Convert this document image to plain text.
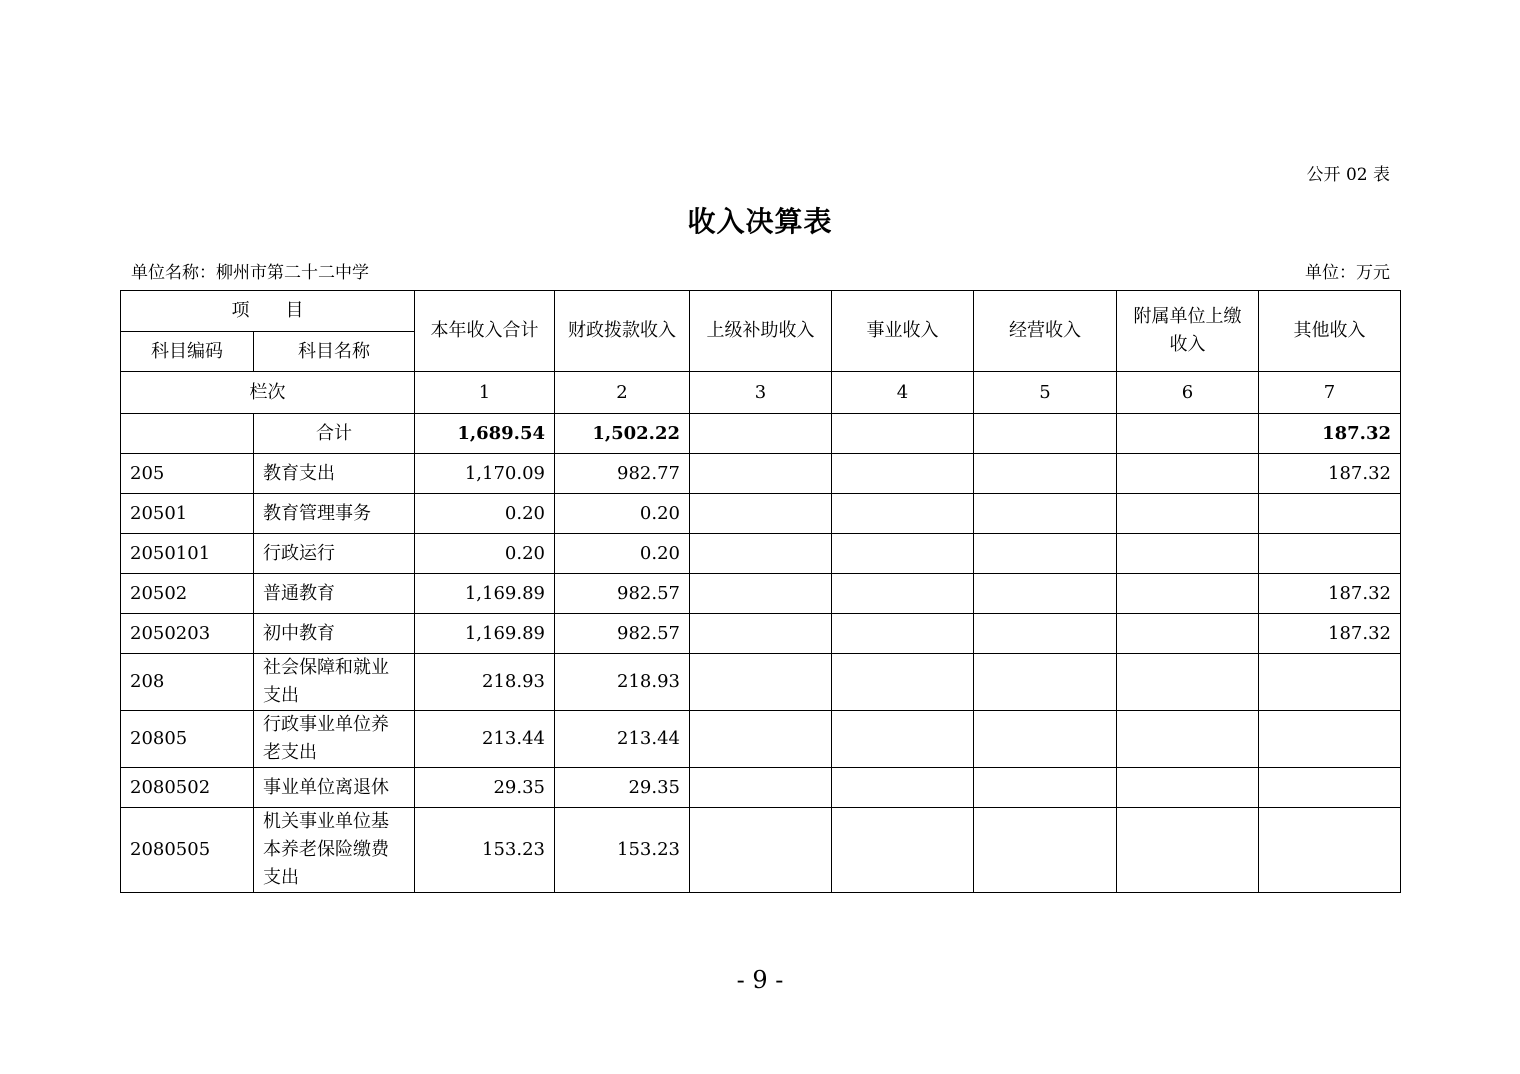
公开 02 表
收入决算表
单位名称：柳州市第二十二中学	单位：万元
项　　目		本年收入合计	财政拨款收入	上级补助收入	事业收入	经营收入	附属单位上缴收入	其他收入
科目编码	科目名称							
栏次		1	2	3	4	5	6	7
	合计	1,689.54	1,502.22					187.32
205	教育支出	1,170.09	982.77					187.32
20501	教育管理事务	0.20	0.20					
2050101	行政运行	0.20	0.20					
20502	普通教育	1,169.89	982.57					187.32
2050203	初中教育	1,169.89	982.57					187.32
208	社会保障和就业支出	218.93	218.93					
20805	行政事业单位养老支出	213.44	213.44					
2080502	事业单位离退休	29.35	29.35					
2080505	机关事业单位基本养老保险缴费支出	153.23	153.23					
- 9 -
